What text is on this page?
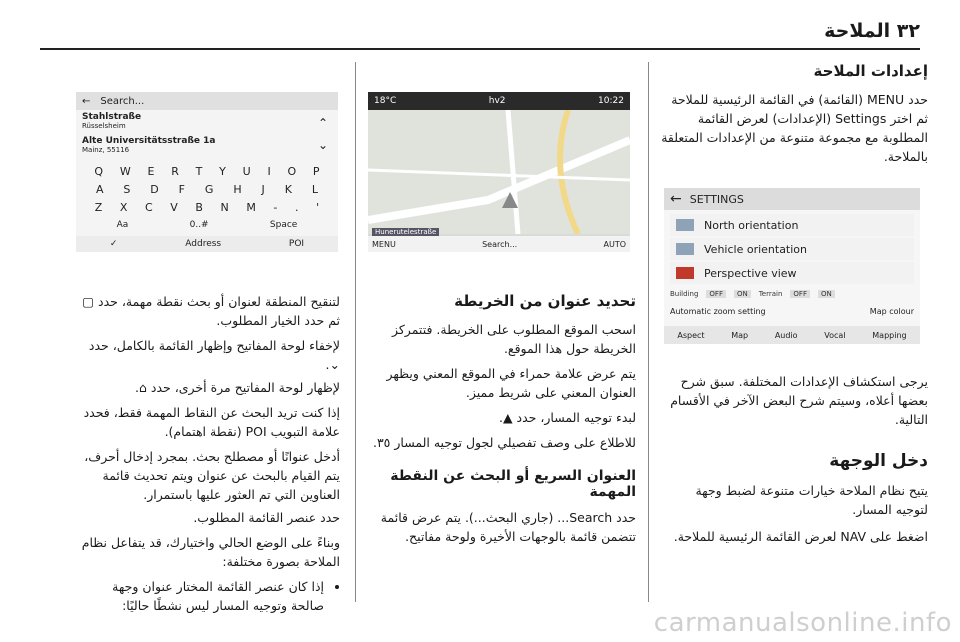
٣٢ الملاحة
إعدادات الملاحة

حدد MENU (القائمة) في القائمة الرئيسية للملاحة ثم اختر Settings (الإعدادات) لعرض القائمة المطلوبة مع مجموعة متنوعة من الإعدادات المتعلقة بالملاحة.

← SETTINGS
North orientation
Vehicle orientation
Perspective view
Building	OFF	ON	Terrain	OFF	ON
Automatic zoom setting	Map colour
Aspect	Map	Audio	Vocal	Mapping

يرجى استكشاف الإعدادات المختلفة. سبق شرح بعضها أعلاه، وسيتم شرح البعض الآخر في الأقسام التالية.

دخل الوجهة

يتيح نظام الملاحة خيارات متنوعة لضبط وجهة لتوجيه المسار.

اضغط على NAV لعرض القائمة الرئيسية للملاحة.

18°C	hv2	10:22
Hunerutelestraße
MENU	Search...	AUTO
تحديد عنوان من الخريطة

اسحب الموقع المطلوب على الخريطة. فتتمركز الخريطة حول هذا الموقع.

يتم عرض علامة حمراء في الموقع المعني ويظهر العنوان المعني على شريط مميز.

لبدء توجيه المسار، حدد ▲.

للاطلاع على وصف تفصيلي لجول توجيه المسار ٣٥.

العنوان السريع أو البحث عن النقطة المهمة

حدد Search... (جاري البحث...). يتم عرض قائمة تتضمن قائمة بالوجهات الأخيرة ولوحة مفاتيح.

← Search...
Stahlstraße
Rüsselsheim
Alte Universitätsstraße 1a
Mainz, 55116
⌃
⌄
Q W E R T Y U I O P
A S D F G H J K L
Z X C V B N M - . '
Aa	0..#	Space
✓	Address	POI

لتنقيح المنطقة لعنوان أو بحث نقطة مهمة، حدد ▢ ثم حدد الخيار المطلوب.

لإخفاء لوحة المفاتيح وإظهار القائمة بالكامل، حدد ⌄.

لإظهار لوحة المفاتيح مرة أخرى، حدد ⌂.

إذا كنت تريد البحث عن النقاط المهمة فقط، فحدد علامة التبويب POI (نقطة اهتمام).

أدخل عنوانًا أو مصطلح بحث. بمجرد إدخال أحرف، يتم القيام بالبحث عن عنوان ويتم تحديث قائمة العناوين التي تم العثور عليها باستمرار.

حدد عنصر القائمة المطلوب.

وبناءً على الوضع الحالي واختيارك، قد يتفاعل نظام الملاحة بصورة مختلفة:

• إذا كان عنصر القائمة المختار عنوان وجهة صالحة وتوجيه المسار ليس نشطًا حاليًا:
carmanualsonline.info
